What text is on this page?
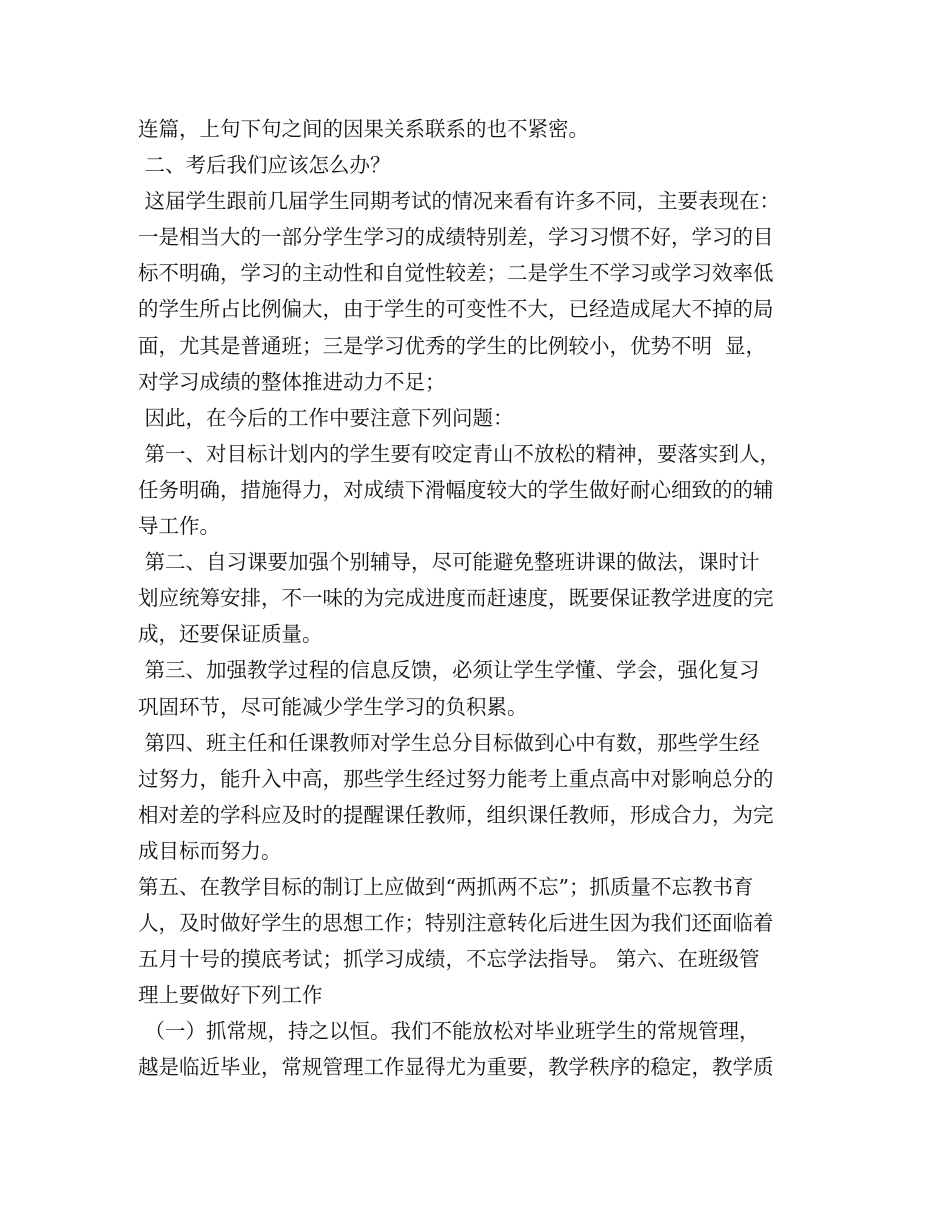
连篇，上句下句之间的因果关系联系的也不紧密。
二、考后我们应该怎么办？
这届学生跟前几届学生同期考试的情况来看有许多不同，主要表现在：
一是相当大的一部分学生学习的成绩特别差，学习习惯不好，学习的目
标不明确，学习的主动性和自觉性较差；二是学生不学习或学习效率低
的学生所占比例偏大，由于学生的可变性不大，已经造成尾大不掉的局
面，尤其是普通班；三是学习优秀的学生的比例较小，优势不明  显，
对学习成绩的整体推进动力不足；
因此，在今后的工作中要注意下列问题：
第一、对目标计划内的学生要有咬定青山不放松的精神，要落实到人，
任务明确，措施得力，对成绩下滑幅度较大的学生做好耐心细致的的辅
导工作。
第二、自习课要加强个别辅导，尽可能避免整班讲课的做法，课时计
划应统筹安排，不一味的为完成进度而赶速度，既要保证教学进度的完
成，还要保证质量。
第三、加强教学过程的信息反馈，必须让学生学懂、学会，强化复习
巩固环节，尽可能减少学生学习的负积累。
第四、班主任和任课教师对学生总分目标做到心中有数，那些学生经
过努力，能升入中高，那些学生经过努力能考上重点高中对影响总分的
相对差的学科应及时的提醒课任教师，组织课任教师，形成合力，为完
成目标而努力。
第五、在教学目标的制订上应做到“两抓两不忘”；抓质量不忘教书育
人，及时做好学生的思想工作；特别注意转化后进生因为我们还面临着
五月十号的摸底考试；抓学习成绩，不忘学法指导。 第六、在班级管
理上要做好下列工作
（一）抓常规，持之以恒。我们不能放松对毕业班学生的常规管理，
越是临近毕业，常规管理工作显得尤为重要，教学秩序的稳定，教学质
